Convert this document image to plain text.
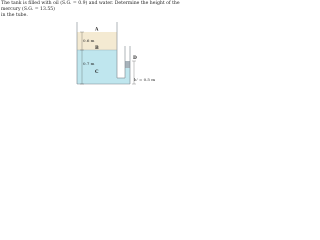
The tank is filled with oil (S.G. = 0.9) and water. Determine the height of the mercury (S.G. = 13.55)
in the tube.

0.6 m
0.7 m
h' = 0.5 m
A
B
C
D
